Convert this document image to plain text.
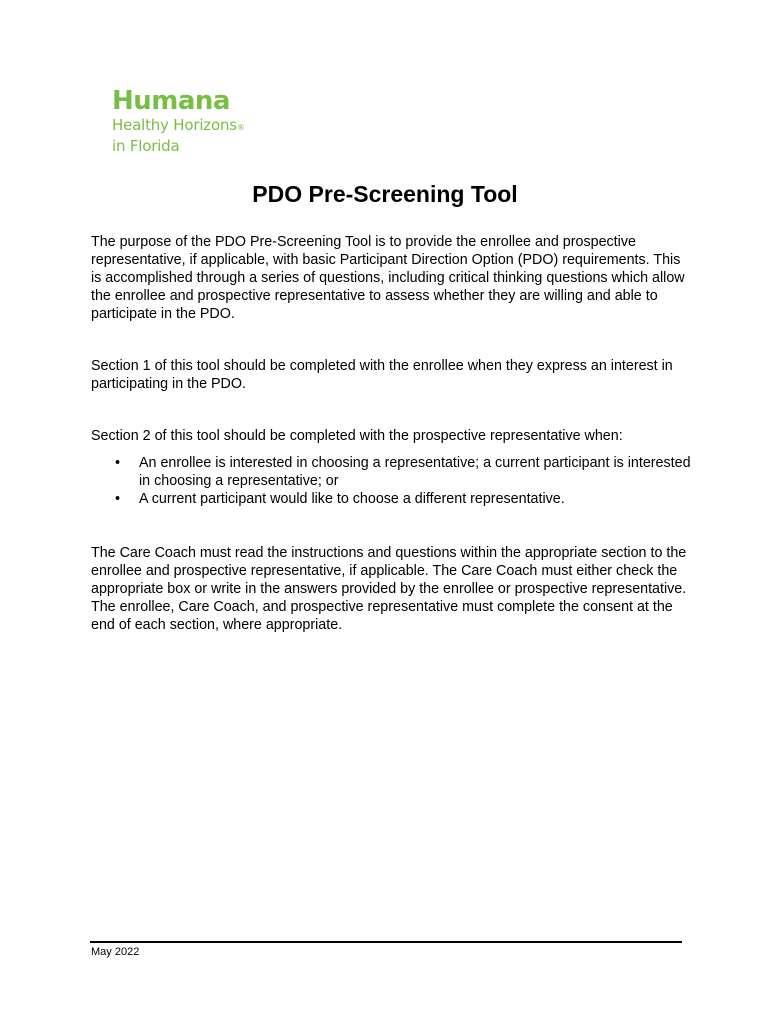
Humana
Healthy Horizons®
in Florida
PDO Pre-Screening Tool

The purpose of the PDO Pre-Screening Tool is to provide the enrollee and prospective representative, if applicable, with basic Participant Direction Option (PDO) requirements. This is accomplished through a series of questions, including critical thinking questions which allow the enrollee and prospective representative to assess whether they are willing and able to participate in the PDO.

Section 1 of this tool should be completed with the enrollee when they express an interest in participating in the PDO.

Section 2 of this tool should be completed with the prospective representative when:

• An enrollee is interested in choosing a representative; a current participant is interested in choosing a representative; or
• A current participant would like to choose a different representative.

The Care Coach must read the instructions and questions within the appropriate section to the enrollee and prospective representative, if applicable. The Care Coach must either check the appropriate box or write in the answers provided by the enrollee or prospective representative. The enrollee, Care Coach, and prospective representative must complete the consent at the end of each section, where appropriate.

May 2022
